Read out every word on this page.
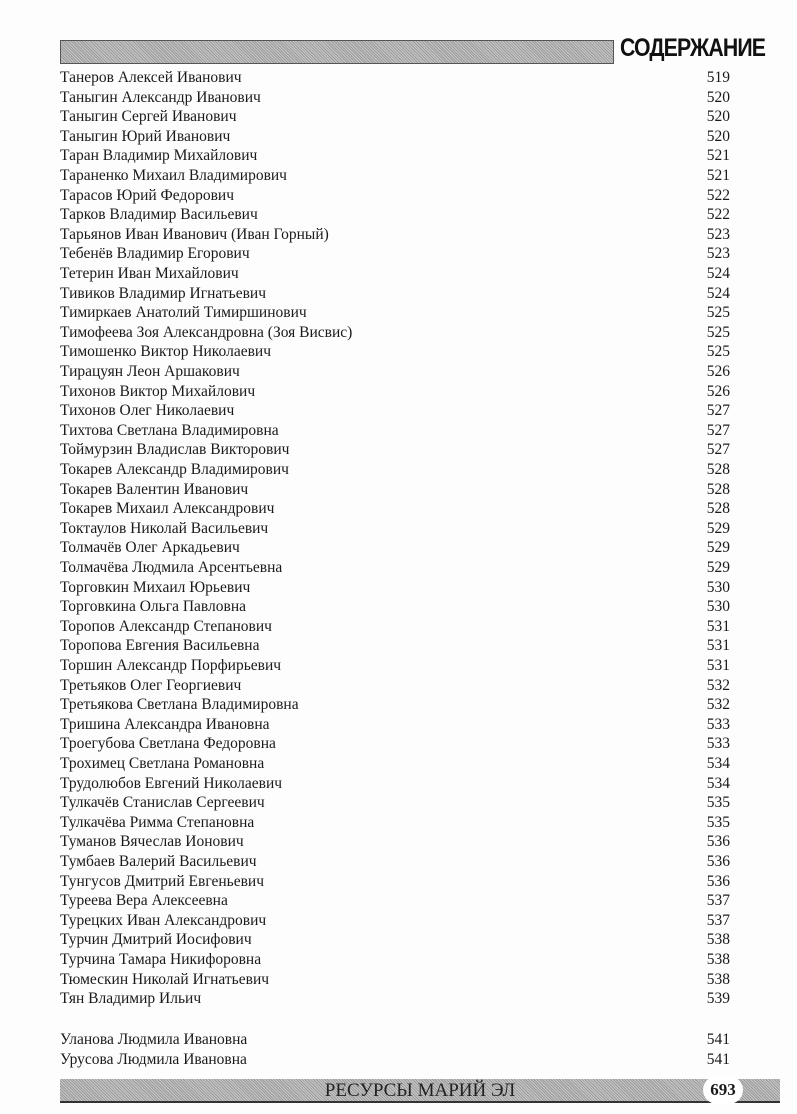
СОДЕРЖАНИЕ
Танеров Алексей Иванович	519
Таныгин Александр Иванович	520
Таныгин Сергей Иванович	520
Таныгин Юрий Иванович	520
Таран Владимир Михайлович	521
Тараненко Михаил Владимирович	521
Тарасов Юрий Федорович	522
Тарков Владимир Васильевич	522
Тарьянов Иван Иванович (Иван Горный)	523
Тебенёв Владимир Егорович	523
Тетерин Иван Михайлович	524
Тивиков Владимир Игнатьевич	524
Тимиркаев Анатолий Тимиршинович	525
Тимофеева Зоя Александровна (Зоя Висвис)	525
Тимошенко Виктор Николаевич	525
Тирацуян Леон Аршакович	526
Тихонов Виктор Михайлович	526
Тихонов Олег Николаевич	527
Тихтова Светлана Владимировна	527
Тоймурзин Владислав Викторович	527
Токарев Александр Владимирович	528
Токарев Валентин Иванович	528
Токарев Михаил Александрович	528
Токтаулов Николай Васильевич	529
Толмачёв Олег Аркадьевич	529
Толмачёва Людмила Арсентьевна	529
Торговкин Михаил Юрьевич	530
Торговкина Ольга Павловна	530
Торопов Александр Степанович	531
Торопова Евгения Васильевна	531
Торшин Александр Порфирьевич	531
Третьяков Олег Георгиевич	532
Третьякова Светлана Владимировна	532
Тришина Александра Ивановна	533
Троегубова Светлана Федоровна	533
Трохимец Светлана Романовна	534
Трудолюбов Евгений Николаевич	534
Тулкачёв Станислав Сергеевич	535
Тулкачёва Римма Степановна	535
Туманов Вячеслав Ионович	536
Тумбаев Валерий Васильевич	536
Тунгусов Дмитрий Евгеньевич	536
Туреева Вера Алексеевна	537
Турецких Иван Александрович	537
Турчин Дмитрий Иосифович	538
Турчина Тамара Никифоровна	538
Тюмескин Николай Игнатьевич	538
Тян Владимир Ильич	539
Уланова Людмила Ивановна	541
Урусова Людмила Ивановна	541
РЕСУРСЫ МАРИЙ ЭЛ	693
